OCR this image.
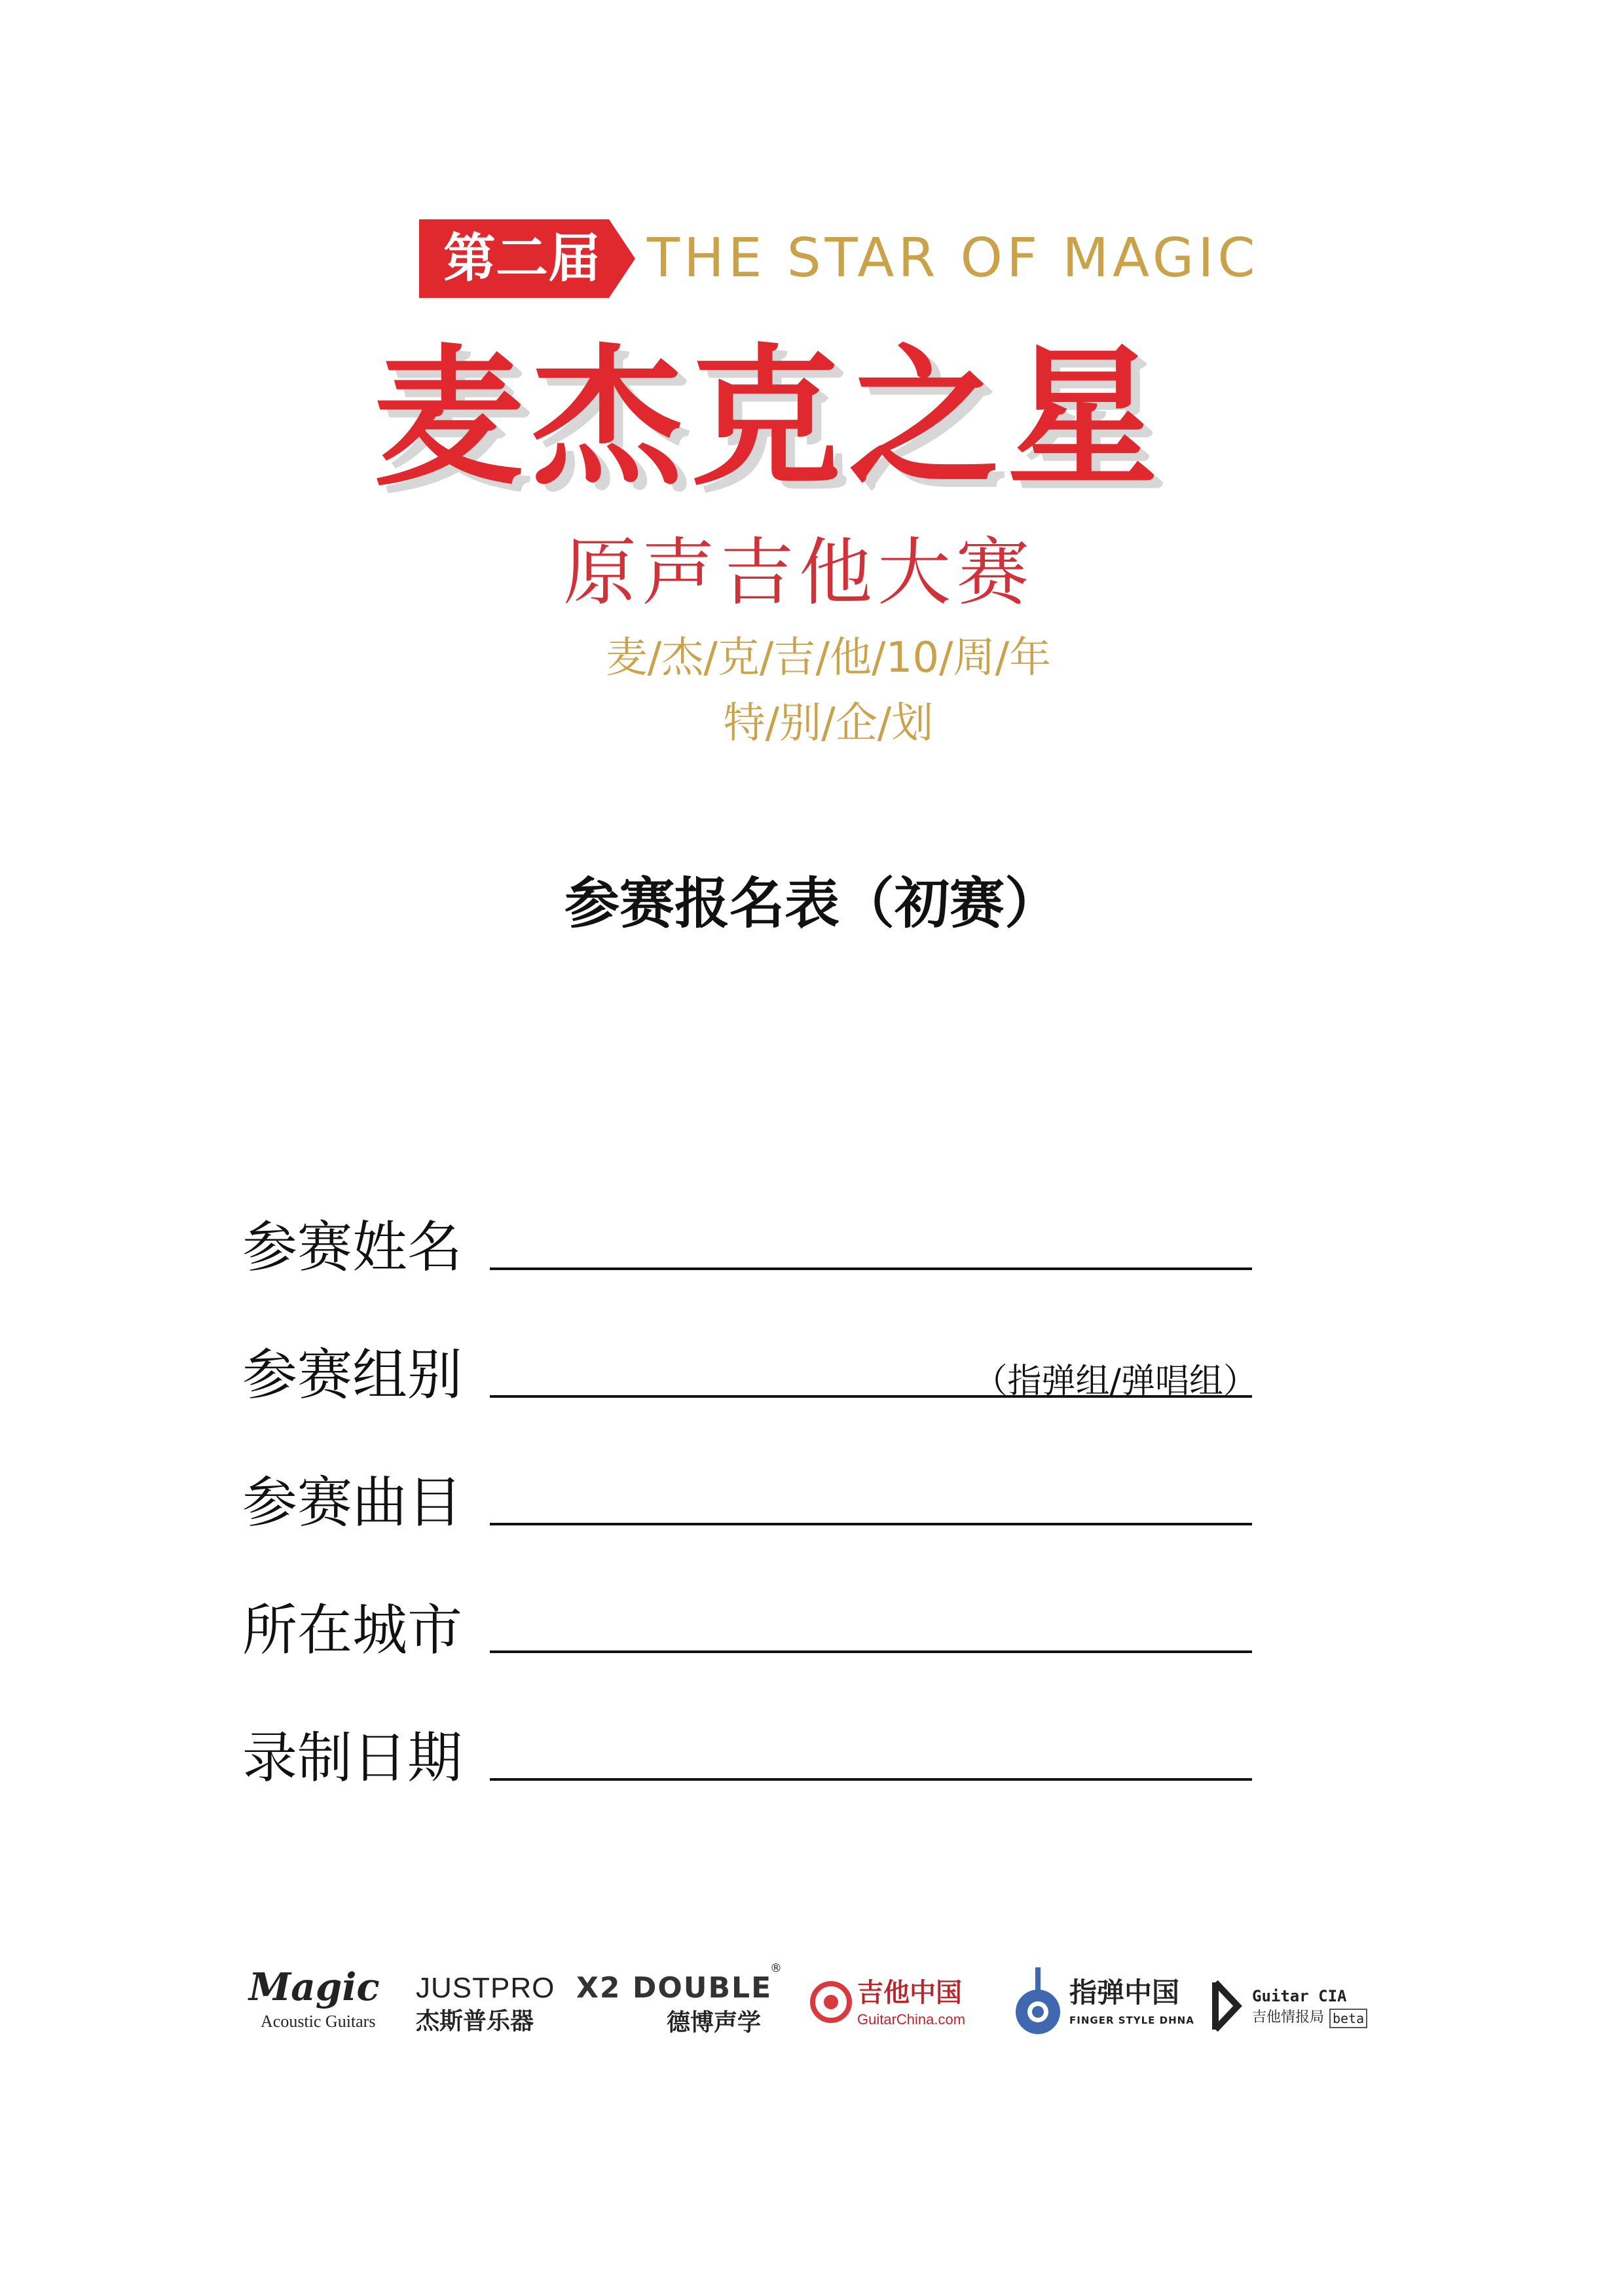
第二届 THE STAR OF MAGIC
麦杰克之星
原声吉他大赛
麦/杰/克/吉/他/10/周/年
特/别/企/划
参赛报名表（初赛）
参赛姓名
参赛组别	（指弹组/弹唱组）
参赛曲目
所在城市
录制日期
Magic
Acoustic Guitars
JUSTPRO
杰斯普乐器
X2 DOUBLE
®
德博声学
吉他中国
GuitarChina.com
指弹中国
FINGER STYLE DHNA
Guitar CIA
吉他情报局 beta
